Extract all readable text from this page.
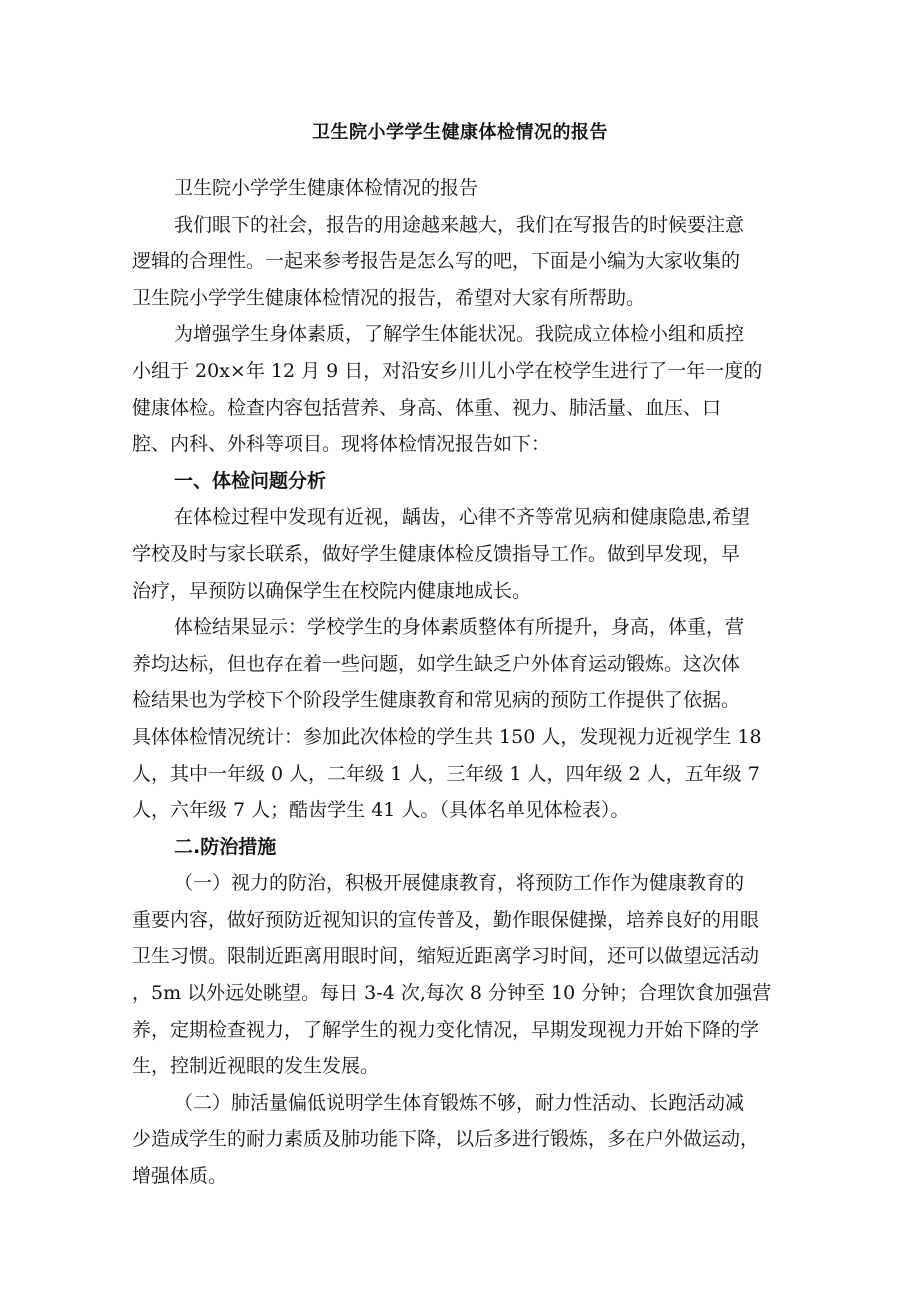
卫生院小学学生健康体检情况的报告
卫生院小学学生健康体检情况的报告
我们眼下的社会，报告的用途越来越大，我们在写报告的时候要注意
逻辑的合理性。一起来参考报告是怎么写的吧，下面是小编为大家收集的
卫生院小学学生健康体检情况的报告，希望对大家有所帮助。
为增强学生身体素质，了解学生体能状况。我院成立体检小组和质控
小组于 20x×年 12 月 9 日，对沿安乡川儿小学在校学生进行了一年一度的
健康体检。检查内容包括营养、身高、体重、视力、肺活量、血压、口
腔、内科、外科等项目。现将体检情况报告如下：
一、体检问题分析
在体检过程中发现有近视，龋齿，心律不齐等常见病和健康隐患,希望
学校及时与家长联系，做好学生健康体检反馈指导工作。做到早发现，早
治疗，早预防以确保学生在校院内健康地成长。
体检结果显示：学校学生的身体素质整体有所提升，身高，体重，营
养均达标，但也存在着一些问题，如学生缺乏户外体育运动锻炼。这次体
检结果也为学校下个阶段学生健康教育和常见病的预防工作提供了依据。
具体体检情况统计：参加此次体检的学生共 150 人，发现视力近视学生 18
人，其中一年级 0 人，二年级 1 人，三年级 1 人，四年级 2 人，五年级 7
人，六年级 7 人；酷齿学生 41 人。（具体名单见体检表）。
二.防治措施
（一）视力的防治，积极开展健康教育，将预防工作作为健康教育的
重要内容，做好预防近视知识的宣传普及，勤作眼保健操，培养良好的用眼
卫生习惯。限制近距离用眼时间，缩短近距离学习时间，还可以做望远活动
，5m 以外远处眺望。每日 3-4 次,每次 8 分钟至 10 分钟；合理饮食加强营
养，定期检查视力，了解学生的视力变化情况，早期发现视力开始下降的学
生，控制近视眼的发生发展。
（二）肺活量偏低说明学生体育锻炼不够，耐力性活动、长跑活动减
少造成学生的耐力素质及肺功能下降，以后多进行锻炼，多在户外做运动，
增强体质。
